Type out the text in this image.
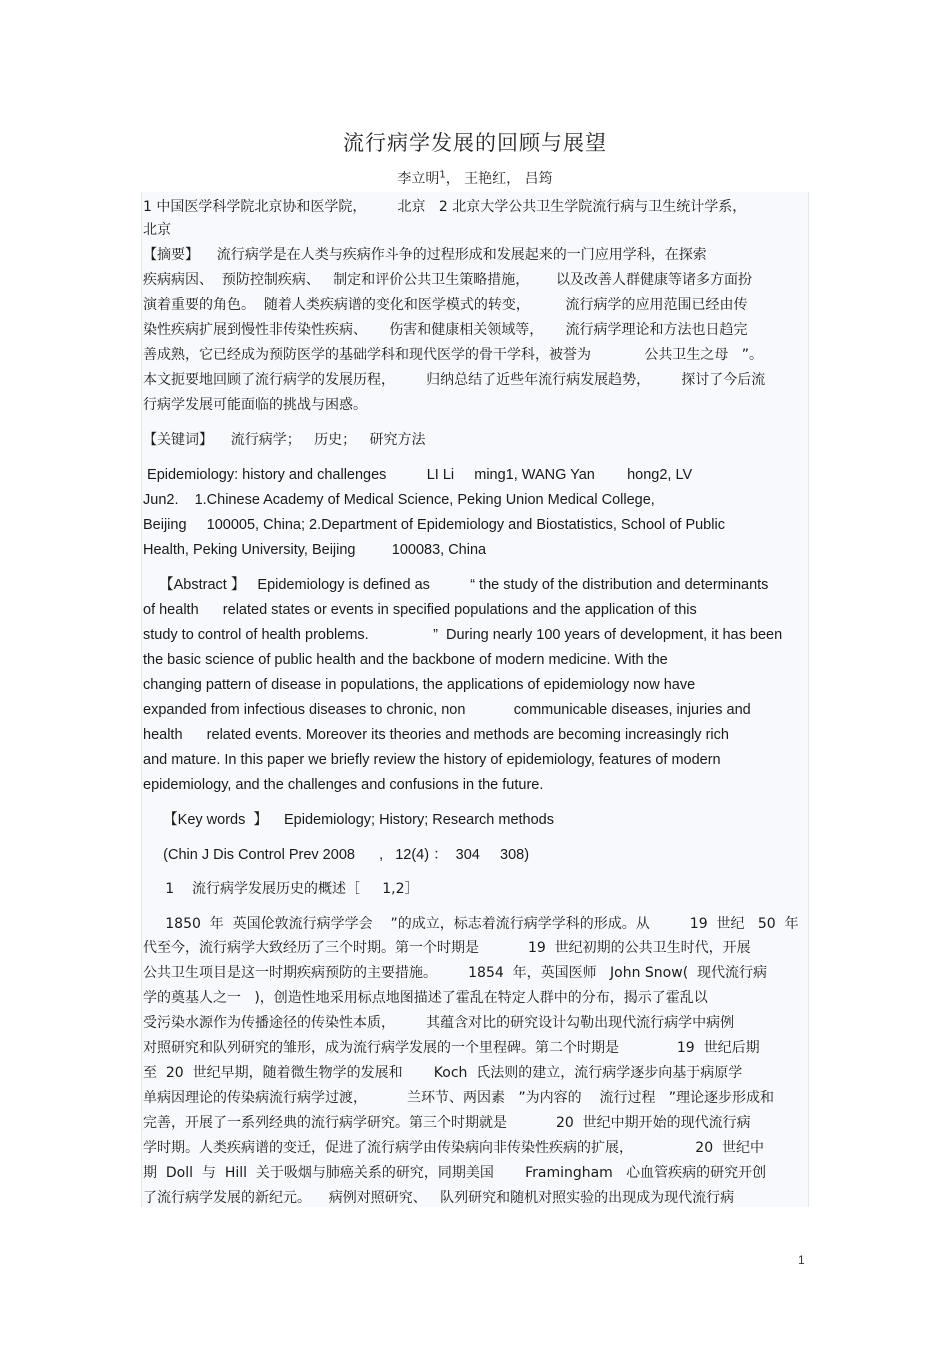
流行病学发展的回顾与展望
李立明$^1$， 王艳红， 吕筠
1 中国医学科学院北京协和医学院，       北京   2 北京大学公共卫生学院流行病与卫生统计学系，
北京
【摘要】    流行病学是在人类与疾病作斗争的过程形成和发展起来的一门应用学科，在探索
疾病病因、  预防控制疾病、   制定和评价公共卫生策略措施，      以及改善人群健康等诸多方面扮
演着重要的角色。  随着人类疾病谱的变化和医学模式的转变，        流行病学的应用范围已经由传
染性疾病扩展到慢性非传染性疾病、     伤害和健康相关领域等，     流行病学理论和方法也日趋完
善成熟，它已经成为预防医学的基础学科和现代医学的骨干学科，被誉为            公共卫生之母   ”。
本文扼要地回顾了流行病学的发展历程，       归纳总结了近些年流行病发展趋势，       探讨了今后流
行病学发展可能面临的挑战与困惑。
【关键词】    流行病学；   历史；   研究方法
Epidemiology: history and challenges          LI Li     ming1, WANG Yan        hong2, LV
Jun2.    1.Chinese Academy of Medical Science, Peking Union Medical College,
Beijing     100005, China; 2.Department of Epidemiology and Biostatistics, School of Public
Health, Peking University, Beijing         100083, China
【Abstract 】   Epidemiology is defined as          “ the study of the distribution and determinants
of health      related states or events in specified populations and the application of this
study to control of health problems.                ”  During nearly 100 years of development, it has been
the basic science of public health and the backbone of modern medicine. With the
changing pattern of disease in populations, the applications of epidemiology now have
expanded from infectious diseases to chronic, non            communicable diseases, injuries and
health      related events. Moreover its theories and methods are becoming increasingly rich
and mature. In this paper we briefly review the history of epidemiology, features of modern
epidemiology, and the challenges and confusions in the future.
【Key words  】    Epidemiology; History; Research methods
(Chin J Dis Control Prev 2008      ,   12(4) ：  304     308)
1    流行病学发展历史的概述［     1,2］
1850  年  英国伦敦流行病学学会    ”的成立，标志着流行病学学科的形成。从         19  世纪   50  年
代至今，流行病学大致经历了三个时期。第一个时期是           19  世纪初期的公共卫生时代，开展
公共卫生项目是这一时期疾病预防的主要措施。       1854  年，英国医师   John Snow(  现代流行病
学的奠基人之一   )，创造性地采用标点地图描述了霍乱在特定人群中的分布，揭示了霍乱以
受污染水源作为传播途径的传染性本质，       其蕴含对比的研究设计勾勒出现代流行病学中病例
对照研究和队列研究的雏形，成为流行病学发展的一个里程碑。第二个时期是             19  世纪后期
至  20  世纪早期，随着微生物学的发展和       Koch  氏法则的建立，流行病学逐步向基于病原学
单病因理论的传染病流行病学过渡，         兰环节、两因素   ”为内容的    流行过程   ”理论逐步形成和
完善，开展了一系列经典的流行病学研究。第三个时期就是           20  世纪中期开始的现代流行病
学时期。人类疾病谱的变迁，促进了流行病学由传染病向非传染性疾病的扩展，              20  世纪中
期  Doll  与  Hill  关于吸烟与肺癌关系的研究，同期美国       Framingham   心血管疾病的研究开创
了流行病学发展的新纪元。    病例对照研究、   队列研究和随机对照实验的出现成为现代流行病
1
